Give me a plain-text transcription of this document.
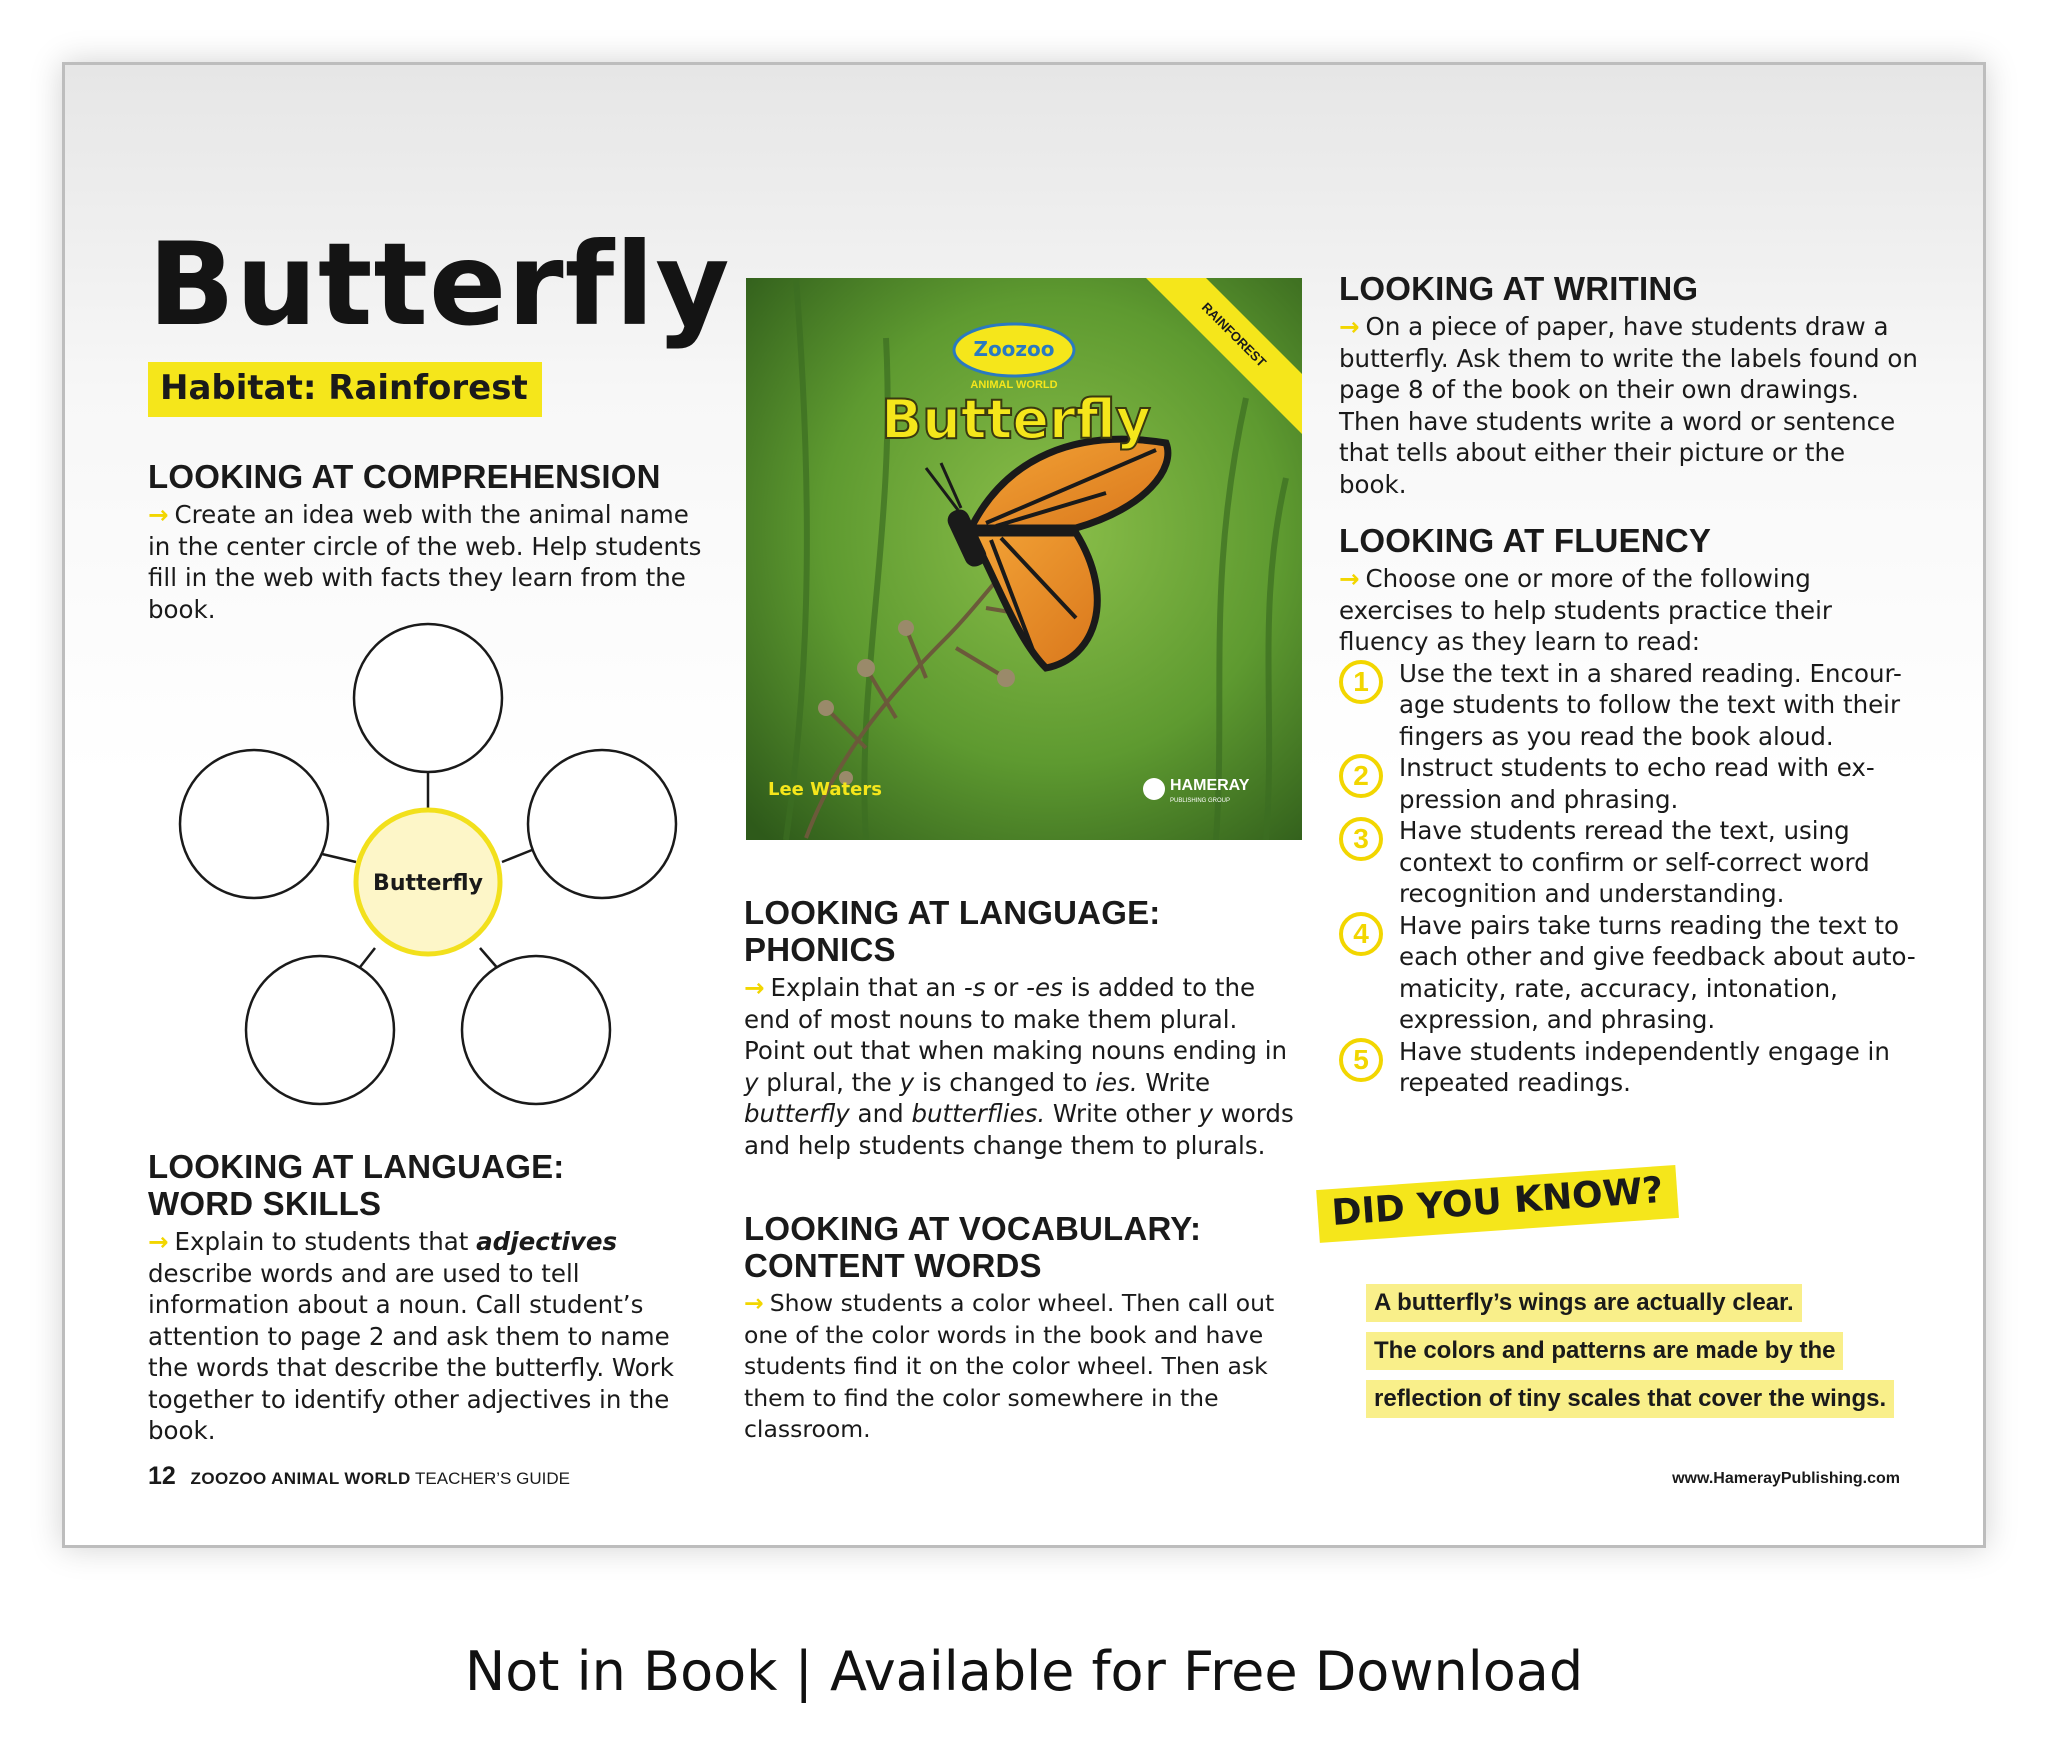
Butterfly
Habitat: Rainforest
LOOKING AT COMPREHENSION

→ Create an idea web with the animal name in the center circle of the web. Help students fill in the web with facts they learn from the book.

Butterfly
LOOKING AT LANGUAGE:
WORD SKILLS

→ Explain to students that adjectives describe words and are used to tell information about a noun. Call student’s attention to page 2 and ask them to name the words that describe the butterfly. Work together to identify other adjectives in the book.

RAINFOREST
Zoozoo
ANIMAL WORLD
Butterfly
Lee Waters	HAMERAY
PUBLISHING GROUP
LOOKING AT LANGUAGE:
PHONICS

→ Explain that an -s or -es is added to the end of most nouns to make them plural. Point out that when making nouns ending in y plural, the y is changed to ies. Write butterfly and butterflies. Write other y words and help students change them to plurals.

LOOKING AT VOCABULARY:
CONTENT WORDS

→ Show students a color wheel. Then call out one of the color words in the book and have students find it on the color wheel. Then ask them to find the color somewhere in the classroom.

LOOKING AT WRITING

→ On a piece of paper, have students draw a butterfly. Ask them to write the labels found on page 8 of the book on their own drawings. Then have students write a word or sentence that tells about either their picture or the book.

LOOKING AT FLUENCY

→ Choose one or more of the following exercises to help students practice their fluency as they learn to read:

1	Use the text in a shared reading. Encour-age students to follow the text with their fingers as you read the book aloud.

2	Instruct students to echo read with ex-pression and phrasing.

3	Have students reread the text, using context to confirm or self-correct word recognition and understanding.

4	Have pairs take turns reading the text to each other and give feedback about auto-maticity, rate, accuracy, intonation, expression, and phrasing.

5	Have students independently engage in repeated readings.

DID YOU KNOW?
A butterfly’s wings are actually clear.
The colors and patterns are made by the
reflection of tiny scales that cover the wings.
12 ZOOZOO ANIMAL WORLD TEACHER’S GUIDE	www.HamerayPublishing.com
Not in Book | Available for Free Download
